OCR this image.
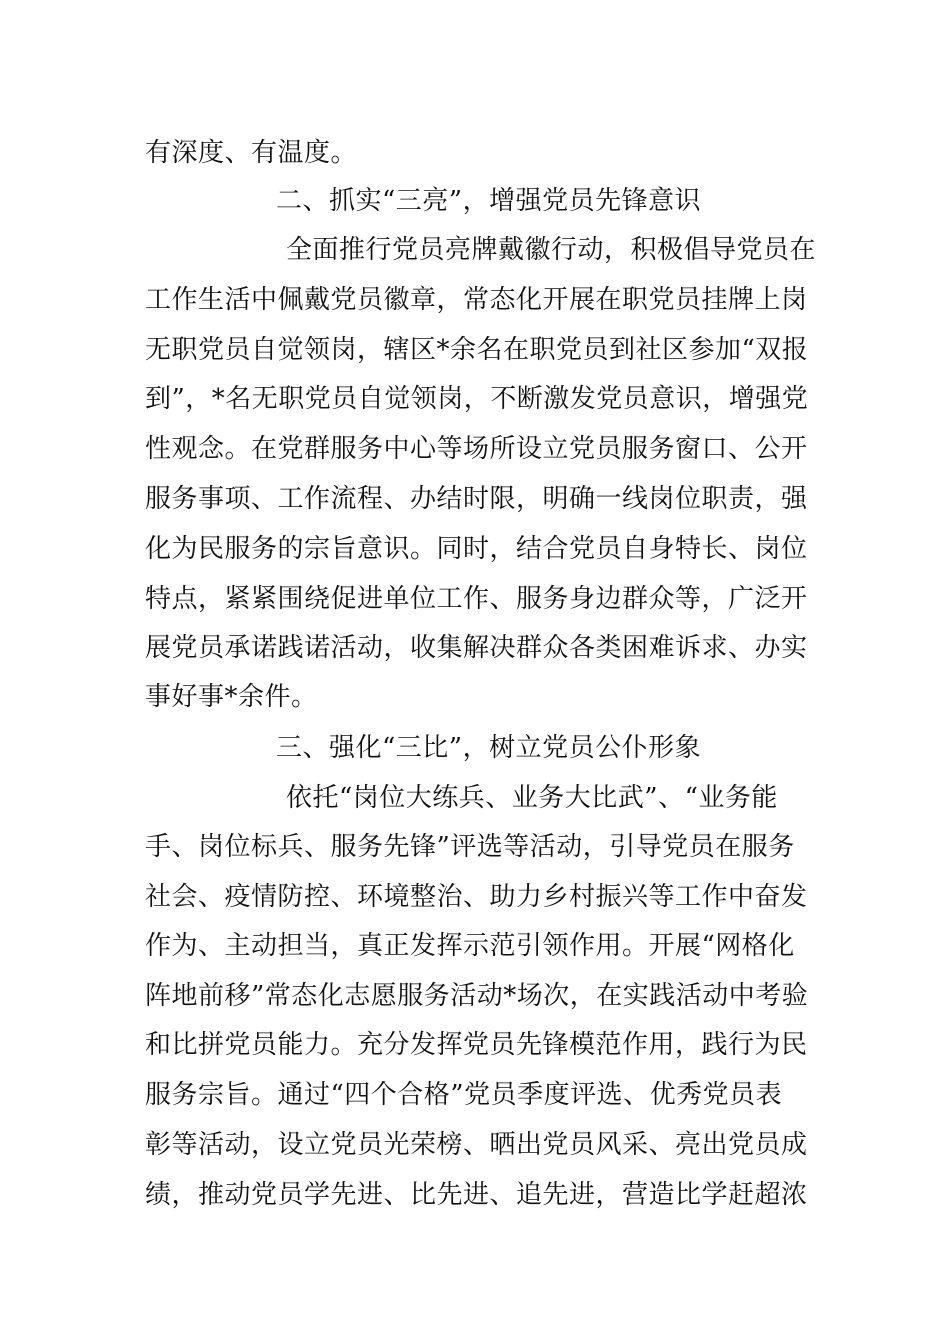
有深度、有温度。
二、抓实“三亮”，增强党员先锋意识
全面推行党员亮牌戴徽行动，积极倡导党员在
工作生活中佩戴党员徽章，常态化开展在职党员挂牌上岗
无职党员自觉领岗，辖区*余名在职党员到社区参加“双报
到”，*名无职党员自觉领岗，不断激发党员意识，增强党
性观念。在党群服务中心等场所设立党员服务窗口、公开
服务事项、工作流程、办结时限，明确一线岗位职责，强
化为民服务的宗旨意识。同时，结合党员自身特长、岗位
特点，紧紧围绕促进单位工作、服务身边群众等，广泛开
展党员承诺践诺活动，收集解决群众各类困难诉求、办实
事好事*余件。
三、强化“三比”，树立党员公仆形象
依托“岗位大练兵、业务大比武”、“业务能
手、岗位标兵、服务先锋”评选等活动，引导党员在服务
社会、疫情防控、环境整治、助力乡村振兴等工作中奋发
作为、主动担当，真正发挥示范引领作用。开展“网格化
阵地前移”常态化志愿服务活动*场次，在实践活动中考验
和比拼党员能力。充分发挥党员先锋模范作用，践行为民
服务宗旨。通过“四个合格”党员季度评选、优秀党员表
彰等活动，设立党员光荣榜、晒出党员风采、亮出党员成
绩，推动党员学先进、比先进、追先进，营造比学赶超浓
